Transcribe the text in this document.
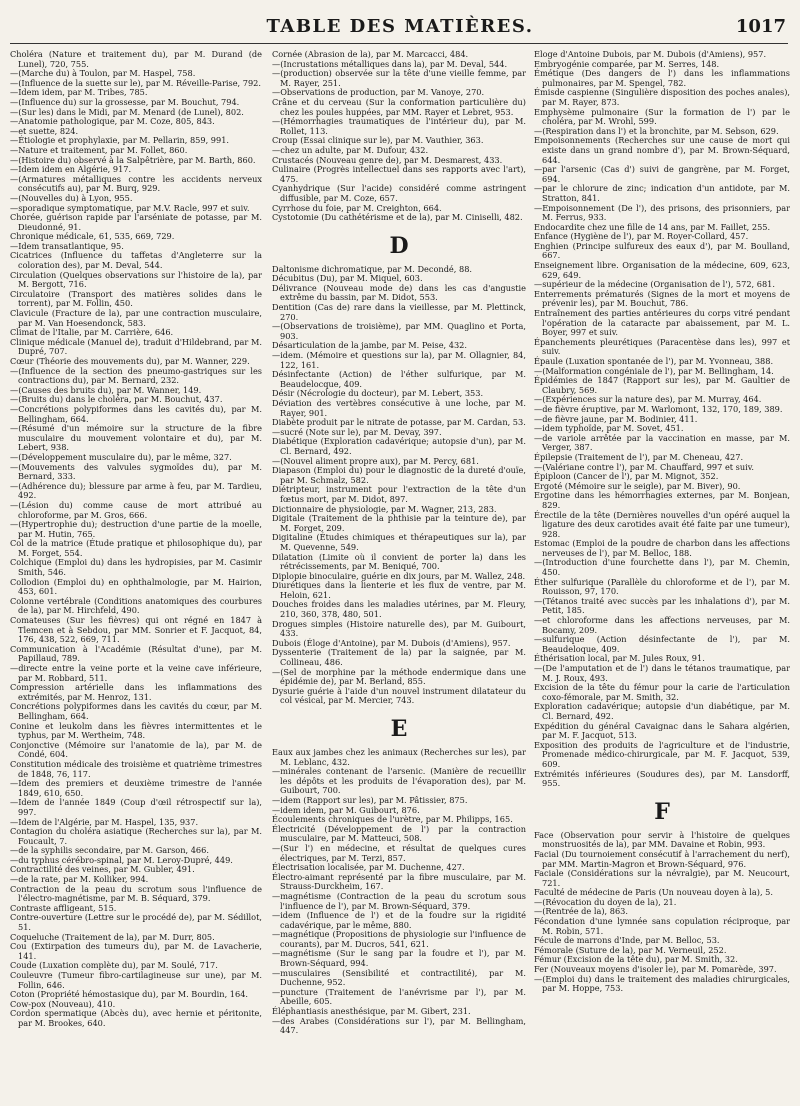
TABLE DES MATIÈRES.	1017

Choléra (Nature et traitement du), par M. Durand (de Lunel), 720, 755.

—(Marche du) à Toulon, par M. Haspel, 758.

—(Influence de la suette sur le), par M. Réveille-Parise, 792.

—Idem idem, par M. Tribes, 785.

—(Influence du) sur la grossesse, par M. Bouchut, 794.

—(Sur les) dans le Midi, par M. Menard (de Lunel), 802.

—Anatomie pathologique, par M. Coze, 805, 843.

—et suette, 824.

—Étiologie et prophylaxie, par M. Pellarin, 859, 991.

—Nature et traitement, par M. Follet, 860.

—(Histoire du) observé à la Salpêtrière, par M. Barth, 860.

—Idem idem en Algérie, 917.

—(Armatures métalliques contre les accidents nerveux consécutifs au), par M. Burq, 929.

—(Nouvelles du) à Lyon, 955.

—sporadique symptomatique, par M.V. Racle, 997 et suiv.

Chorée, guérison rapide par l'arséniate de potasse, par M. Dieudonné, 91.

Chronique médicale, 61, 535, 669, 729.

—Idem transatlantique, 95.

Cicatrices (Influence du taffetas d'Angleterre sur la coloration des), par M. Deval, 544.

Circulation (Quelques observations sur l'histoire de la), par M. Bergott, 716.

Circulatoire (Transport des matières solides dans le torrent), par M. Follin, 450.

Clavicule (Fracture de la), par une contraction musculaire, par M. Van Hoesendonck, 583.

Climat de l'Italie, par M. Carrière, 646.

Clinique médicale (Manuel de), traduit d'Hildebrand, par M. Dupré, 707.

Cœur (Théorie des mouvements du), par M. Wanner, 229.

—(Influence de la section des pneumo-gastriques sur les contractions du), par M. Bernard, 232.

—(Causes des bruits du), par M. Wanner, 149.

—(Bruits du) dans le choléra, par M. Bouchut, 437.

—Concrétions polypiformes dans les cavités du), par M. Bellingham, 664.

—(Résumé d'un mémoire sur la structure de la fibre musculaire du mouvement volontaire et du), par M. Lebert, 938.

—(Développement musculaire du), par le même, 327.

—(Mouvements des valvules sygmoïdes du), par M. Bernard, 333.

—(Adhérence du); blessure par arme à feu, par M. Tardieu, 492.

—(Lésion du) comme cause de mort attribué au chloroforme, par M. Gros, 666.

—(Hypertrophie du); destruction d'une partie de la moelle, par M. Hutin, 765.

Col de la matrice (Étude pratique et philosophique du), par M. Forget, 554.

Colchique (Emploi du) dans les hydropisies, par M. Casimir Smith, 546.

Collodion (Emploi du) en ophthalmologie, par M. Hairion, 453, 601.

Colonne vertébrale (Conditions anatomiques des courbures de la), par M. Hirchfeld, 490.

Comateuses (Sur les fièvres) qui ont régné en 1847 à Tlemcen et à Sebdou, par MM. Sonrier et F. Jacquot, 84, 176, 438, 522, 669, 711.

Communication à l'Académie (Résultat d'une), par M. Papillaud, 789.

—directe entre la veine porte et la veine cave inférieure, par M. Robbard, 511.

Compression artérielle dans les inflammations des extrémités, par M. Henroz, 131.

Concrétions polypiformes dans les cavités du cœur, par M. Bellingham, 664.

Conine et leukolm dans les fièvres intermittentes et le typhus, par M. Wertheim, 748.

Conjonctive (Mémoire sur l'anatomie de la), par M. de Condé, 604.

Constitution médicale des troisième et quatrième trimestres de 1848, 76, 117.

—Idem des premiers et deuxième trimestre de l'année 1849, 610, 650.

—Idem de l'année 1849 (Coup d'œil rétrospectif sur la), 997.

—Idem de l'Algérie, par M. Haspel, 135, 937.

Contagion du choléra asiatique (Recherches sur la), par M. Foucault, 7.

—de la syphilis secondaire, par M. Garson, 466.

—du typhus cérébro-spinal, par M. Leroy-Dupré, 449.

Contractilité des veines, par M. Gubler, 491.

—de la rate, par M. Kolliker, 994.

Contraction de la peau du scrotum sous l'influence de l'électro-magnétisme, par M. B. Séquard, 379.

Contraste affligeant, 515.

Contre-ouverture (Lettre sur le procédé de), par M. Sédillot, 51.

Coqueluche (Traitement de la), par M. Durr, 805.

Cou (Extirpation des tumeurs du), par M. de Lavacherie, 141.

Coude (Luxation complète du), par M. Soulé, 717.

Couleuvre (Tumeur fibro-cartilagineuse sur une), par M. Follin, 646.

Coton (Propriété hémostasique du), par M. Bourdin, 164.

Cow-pox (Nouveau), 410.

Cordon spermatique (Abcès du), avec hernie et péritonite, par M. Brookes, 640.

Cornée (Abrasion de la), par M. Marcacci, 484.

—(Incrustations métalliques dans la), par M. Deval, 544.

—(production) observée sur la tête d'une vieille femme, par M. Rayer, 251.

—Observations de production, par M. Vanoye, 270.

Crâne et du cerveau (Sur la conformation particulière du) chez les poules huppées, par MM. Rayer et Lebret, 953.

—(Hémorrhagies traumatiques de l'intérieur du), par M. Rollet, 113.

Croup (Essai clinique sur le), par M. Vauthier, 363.

—chez un adulte, par M. Dufour, 432.

Crustacés (Nouveau genre de), par M. Desmarest, 433.

Culinaire (Progrès intellectuel dans ses rapports avec l'art), 475.

Cyanhydrique (Sur l'acide) considéré comme astringent diffusible, par M. Coze, 657.

Cyrrhose du foie, par M. Creighton, 664.

Cystotomie (Du cathétérisme et de la), par M. Ciniselli, 482.

D

Daltonisme dichromatique, par M. Decondé, 88.

Décubitus (Du), par M. Miquel, 603.

Délivrance (Nouveau mode de) dans les cas d'angustie extrême du bassin, par M. Didot, 553.

Dentition (Cas de) rare dans la vieillesse, par M. Plettinck, 270.

—(Observations de troisième), par MM. Quaglino et Porta, 903.

Désarticulation de la jambe, par M. Peise, 432.

—idem. (Mémoire et questions sur la), par M. Ollagnier, 84, 122, 161.

Désinfectante (Action) de l'éther sulfurique, par M. Beaudelocque, 409.

Désir (Nécrologie du docteur), par M. Lebert, 353.

Déviation des vertèbres consécutive à une loche, par M. Rayer, 901.

Diabète produit par le nitrate de potasse, par M. Cardan, 53.

—sucré (Note sur le), par M. Devay, 397.

Diabétique (Exploration cadavérique; autopsie d'un), par M. Cl. Bernard, 492.

—(Nouvel aliment propre aux), par M. Percy, 681.

Diapason (Emploi du) pour le diagnostic de la dureté d'ouïe, par M. Schmalz, 582.

Diétripteur, instrument pour l'extraction de la tête d'un fœtus mort, par M. Didot, 897.

Dictionnaire de physiologie, par M. Wagner, 213, 283.

Digitale (Traitement de la phthisie par la teinture de), par M. Forget, 209.

Digitaline (Études chimiques et thérapeutiques sur la), par M. Quevenne, 549.

Dilatation (Limite où il convient de porter la) dans les rétrécissements, par M. Beniqué, 700.

Diplopie binoculaire, guérie en dix jours, par M. Wallez, 248.

Diurétiques dans la lienterie et les flux de ventre, par M. Heloin, 621.

Douches froides dans les maladies utérines, par M. Fleury, 210, 360, 378, 480, 501.

Drogues simples (Histoire naturelle des), par M. Guibourt, 433.

Dubois (Éloge d'Antoine), par M. Dubois (d'Amiens), 957.

Dyssenterie (Traitement de la) par la saignée, par M. Collineau, 486.

—(Sel de morphine par la méthode endermique dans une épidémie de), par M. Berland, 855.

Dysurie guérie à l'aide d'un nouvel instrument dilatateur du col vésical, par M. Mercier, 743.

E

Eaux aux jambes chez les animaux (Recherches sur les), par M. Leblanc, 432.

—minérales contenant de l'arsenic. (Manière de recueillir les dépôts et les produits de l'évaporation des), par M. Guibourt, 700.

—idem (Rapport sur les), par M. Pâtissier, 875.

—idem idem, par M. Guibourt, 876.

Écoulements chroniques de l'urètre, par M. Philipps, 165.

Électricité (Développement de l') par la contraction musculaire, par M. Matteuci, 508.

—(Sur l') en médecine, et résultat de quelques cures électriques, par M. Terzi, 857.

Électrisation localisée, par M. Duchenne, 427.

Électro-aimant représenté par la fibre musculaire, par M. Strauss-Durckheim, 167.

—magnétisme (Contraction de la peau du scrotum sous l'influence de l'), par M. Brown-Séquard, 379.

—idem (Influence de l') et de la foudre sur la rigidité cadavérique, par le même, 880.

—magnétique (Propositions de physiologie sur l'influence de courants), par M. Ducros, 541, 621.

—magnétisme (Sur le sang par la foudre et l'), par M. Brown-Séquard, 994.

—musculaires (Sensibilité et contractilité), par M. Duchenne, 952.

—puncture (Traitement de l'anévrisme par l'), par M. Abeille, 605.

Éléphantiasis anesthésique, par M. Gibert, 231.

—des Arabes (Considérations sur l'), par M. Bellingham, 447.

Éloge d'Antoine Dubois, par M. Dubois (d'Amiens), 957.

Embryogénie comparée, par M. Serres, 148.

Émétique (Des dangers de l') dans les inflammations pulmonaires, par M. Spengel, 782.

Émisde caspienne (Singulière disposition des poches anales), par M. Rayer, 873.

Emphysème pulmonaire (Sur la formation de l') par le choléra, par M. Wrohl, 599.

—(Respiration dans l') et la bronchite, par M. Sebson, 629.

Empoisonnements (Recherches sur une cause de mort qui existe dans un grand nombre d'), par M. Brown-Séquard, 644.

—par l'arsenic (Cas d') suivi de gangrène, par M. Forget, 694.

—par le chlorure de zinc; indication d'un antidote, par M. Stratton, 841.

—Empoisonnement (De l'), des prisons, des prisonniers, par M. Ferrus, 933.

Endocardite chez une fille de 14 ans, par M. Faillet, 255.

Enfance (Hygiène de l'), par M. Royer-Collard, 457.

Enghien (Principe sulfureux des eaux d'), par M. Boulland, 667.

Enseignement libre. Organisation de la médecine, 609, 623, 629, 649.

—supérieur de la médecine (Organisation de l'), 572, 681.

Enterrements prématurés (Signes de la mort et moyens de prévenir les), par M. Bouchut, 786.

Entraînement des parties antérieures du corps vitré pendant l'opération de la cataracte par abaissement, par M. L. Boyer, 997 et suiv.

Épanchements pleurétiques (Paracentèse dans les), 997 et suiv.

Épaule (Luxation spontanée de l'), par M. Yvonneau, 388.

—(Malformation congéniale de l'), par M. Bellingham, 14.

Épidémies de 1847 (Rapport sur les), par M. Gaultier de Claubry, 569.

—(Expériences sur la nature des), par M. Murray, 464.

—de fièvre éruptive, par M. Warlomont, 132, 170, 189, 389.

—de fièvre jaune, par M. Bodinier, 411.

—idem typhoïde, par M. Sovet, 451.

—de variole arrêtée par la vaccination en masse, par M. Verger, 387.

Épilepsie (Traitement de l'), par M. Cheneau, 427.

—(Valériane contre l'), par M. Chauffard, 997 et suiv.

Épiploon (Cancer de l'), par M. Mignot, 352.

Ergoté (Mémoire sur le seigle), par M. Biver), 90.

Ergotine dans les hémorrhagies externes, par M. Bonjean, 829.

Érectile de la tête (Dernières nouvelles d'un opéré auquel la ligature des deux carotides avait été faite par une tumeur), 928.

Estomac (Emploi de la poudre de charbon dans les affections nerveuses de l'), par M. Belloc, 188.

—(Introduction d'une fourchette dans l'), par M. Chemin, 450.

Éther sulfurique (Parallèle du chloroforme et de l'), par M. Rouisson, 97, 170.

—(Tétanos traité avec succès par les inhalations d'), par M. Petit, 185.

—et chloroforme dans les affections nerveuses, par M. Bocamy, 209.

—sulfurique (Action désinfectante de l'), par M. Beaudeloque, 409.

Éthérisation local, par M. Jules Roux, 91.

—(De l'amputation et de l') dans le tétanos traumatique, par M. J. Roux, 493.

Excision de la tête du fémur pour la carie de l'articulation coxo-fémorale, par M. Smith, 32.

Exploration cadavérique; autopsie d'un diabétique, par M. Cl. Bernard, 492.

Expédition du général Cavaignac dans le Sahara algérien, par M. F. Jacquot, 513.

Exposition des produits de l'agriculture et de l'industrie, Promenade médico-chirurgicale, par M. F. Jacquot, 539, 609.

Extrémités inférieures (Soudures des), par M. Lansdorff, 955.

F

Face (Observation pour servir à l'histoire de quelques monstruosités de la), par MM. Davaine et Robin, 993.

Facial (Du tournoiement consécutif à l'arrachement du nerf), par MM. Martin-Magron et Brown-Séquard, 976.

Faciale (Considérations sur la névralgie), par M. Neucourt, 721.

Faculté de médecine de Paris (Un nouveau doyen à la), 5.

—(Révocation du doyen de la), 21.

—(Rentrée de la), 863.

Fécondation d'une lymnée sans copulation réciproque, par M. Robin, 571.

Fécule de marrons d'Inde, par M. Belloc, 53.

Fémorale (Suture de la), par M. Verneuil, 252.

Fémur (Excision de la tête du), par M. Smith, 32.

Fer (Nouveaux moyens d'isoler le), par M. Pomarède, 397.

—(Emploi du) dans le traitement des maladies chirurgicales, par M. Hoppe, 753.
